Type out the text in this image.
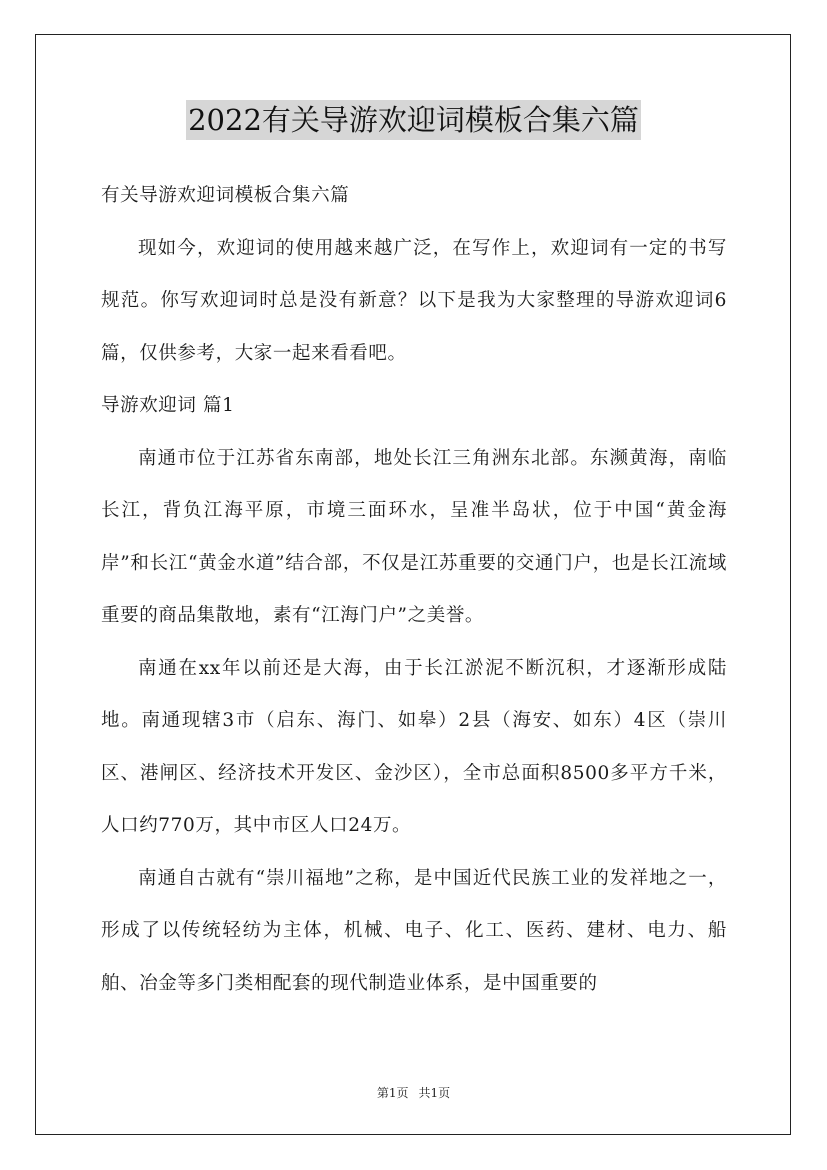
2022有关导游欢迎词模板合集六篇

有关导游欢迎词模板合集六篇

现如今，欢迎词的使用越来越广泛，在写作上，欢迎词有一定的书写规范。你写欢迎词时总是没有新意？以下是我为大家整理的导游欢迎词6篇，仅供参考，大家一起来看看吧。

导游欢迎词 篇1

南通市位于江苏省东南部，地处长江三角洲东北部。东濒黄海，南临长江，背负江海平原，市境三面环水，呈准半岛状，位于中国“黄金海岸”和长江“黄金水道”结合部，不仅是江苏重要的交通门户，也是长江流域重要的商品集散地，素有“江海门户”之美誉。

南通在xx年以前还是大海，由于长江淤泥不断沉积，才逐渐形成陆地。南通现辖3市（启东、海门、如皋）2县（海安、如东）4区（崇川区、港闸区、经济技术开发区、金沙区），全市总面积8500多平方千米，人口约770万，其中市区人口24万。

南通自古就有“崇川福地”之称，是中国近代民族工业的发祥地之一，形成了以传统轻纺为主体，机械、电子、化工、医药、建材、电力、船舶、冶金等多门类相配套的现代制造业体系，是中国重要的

第1页 共1页
